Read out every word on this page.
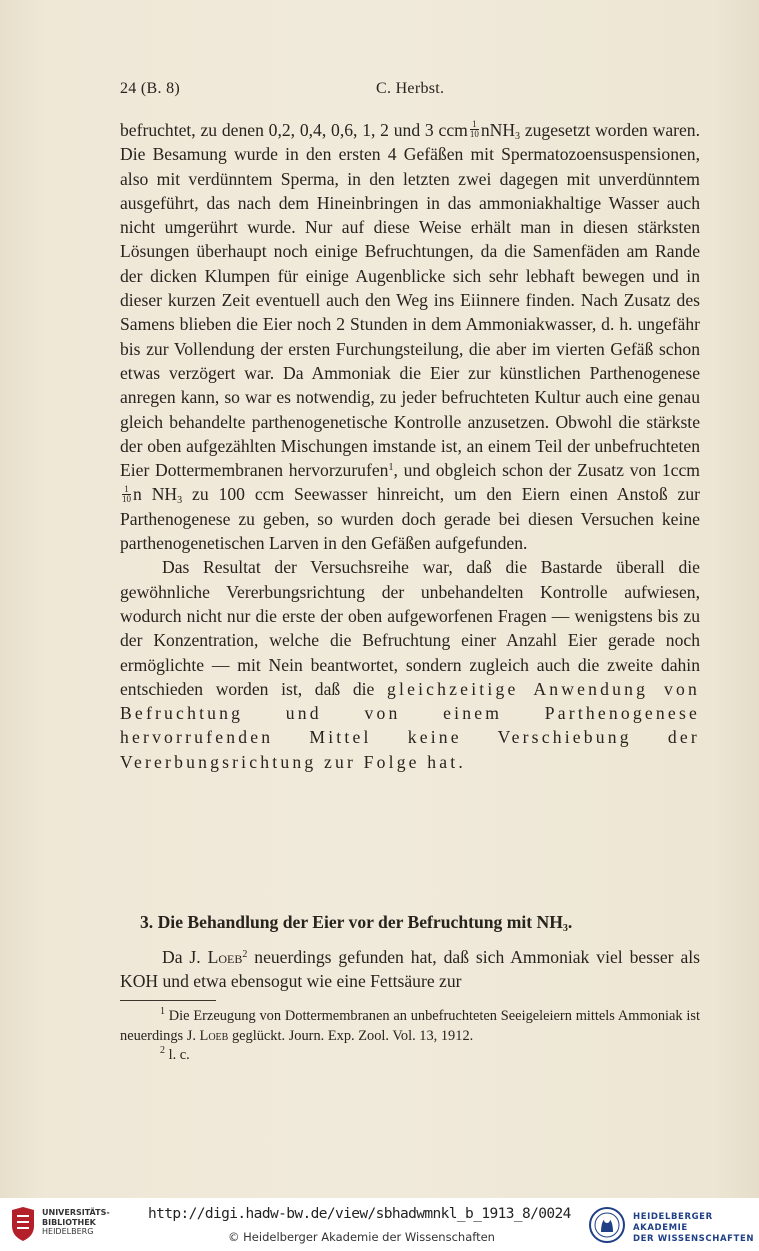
24 (B. 8)	C. Herbst.

befruchtet, zu denen 0,2, 0,4, 0,6, 1, 2 und 3 ccm $\frac{1}{10} nNH_3$ zugesetzt worden waren. Die Besamung wurde in den ersten 4 Gefäßen mit Spermatozoensuspensionen, also mit verdünntem Sperma, in den letzten zwei dagegen mit unverdünntem ausgeführt, das nach dem Hineinbringen in das ammoniakhaltige Wasser auch nicht umgerührt wurde. Nur auf diese Weise erhält man in diesen stärksten Lösungen überhaupt noch einige Befruchtungen, da die Samenfäden am Rande der dicken Klumpen für einige Augenblicke sich sehr lebhaft bewegen und in dieser kurzen Zeit eventuell auch den Weg ins Eiinnere finden. Nach Zusatz des Samens blieben die Eier noch 2 Stunden in dem Ammoniakwasser, d. h. ungefähr bis zur Vollendung der ersten Furchungsteilung, die aber im vierten Gefäß schon etwas verzögert war. Da Ammoniak die Eier zur künstlichen Parthenogenese anregen kann, so war es notwendig, zu jeder befruchteten Kultur auch eine genau gleich behandelte parthenogenetische Kontrolle anzusetzen. Obwohl die stärkste der oben aufgezählten Mischungen imstande ist, an einem Teil der unbefruchteten Eier Dottermembranen hervorzurufen$^1$, und obgleich schon der Zusatz von 1ccm
$\frac{1}{10}$ n $NH_3$ zu 100 ccm Seewasser hinreicht, um den Eiern einen Anstoß zur Parthenogenese zu geben, so wurden doch gerade bei diesen Versuchen keine parthenogenetischen Larven in den Gefäßen aufgefunden.

Das Resultat der Versuchsreihe war, daß die Bastarde überall die gewöhnliche Vererbungsrichtung der unbehandelten Kontrolle aufwiesen, wodurch nicht nur die erste der oben aufgeworfenen Fragen — wenigstens bis zu der Konzentration, welche die Befruchtung einer Anzahl Eier gerade noch ermöglichte — mit Nein beantwortet, sondern zugleich auch die zweite dahin entschieden worden ist, daß die gleichzeitige Anwendung von Befruchtung und von einem Parthenogenese hervorrufenden Mittel keine Verschiebung der Vererbungsrichtung zur Folge hat.

3. Die Behandlung der Eier vor der Befruchtung mit $NH_3$.

Da J. Loeb$^2$ neuerdings gefunden hat, daß sich Ammoniak viel besser als KOH und etwa ebensogut wie eine Fettsäure zur

$^1$ Die Erzeugung von Dottermembranen an unbefruchteten Seeigeleiern mittels Ammoniak ist neuerdings J. Loeb geglückt. Journ. Exp. Zool. Vol. 13, 1912.

$^2$ l. c.

UNIVERSITÄTS-
BIBLIOTHEK
HEIDELBERG
http://digi.hadw-bw.de/view/sbhadwmnkl_b_1913_8/0024
© Heidelberger Akademie der Wissenschaften
HEIDELBERGER AKADEMIE
DER WISSENSCHAFTEN
